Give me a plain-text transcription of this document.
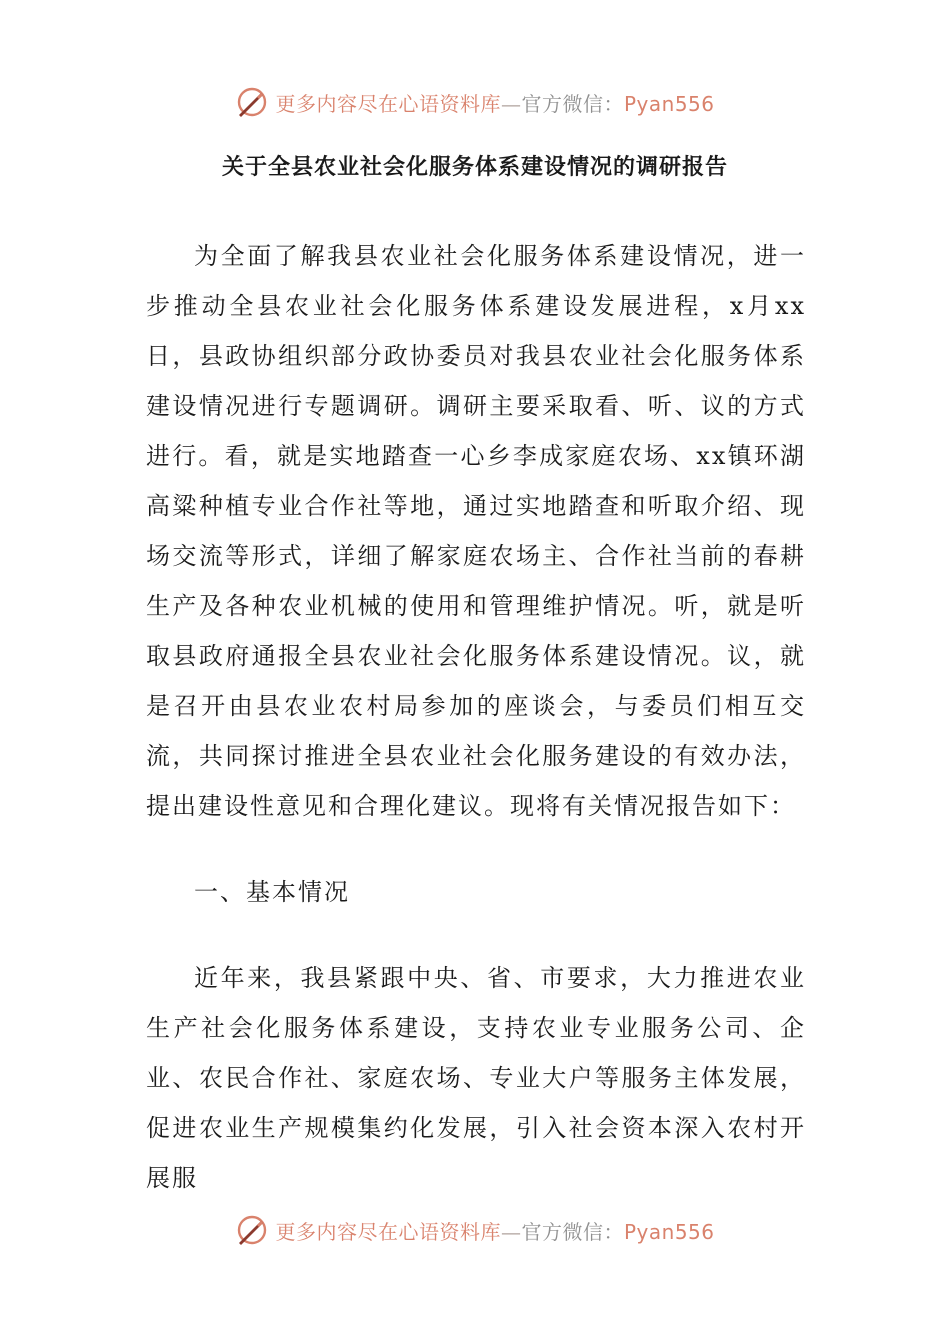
更多内容尽在心语资料库—官方微信：Pyan556
关于全县农业社会化服务体系建设情况的调研报告

为全面了解我县农业社会化服务体系建设情况，进一步推动全县农业社会化服务体系建设发展进程，x月xx日，县政协组织部分政协委员对我县农业社会化服务体系建设情况进行专题调研。调研主要采取看、听、议的方式进行。看，就是实地踏查一心乡李成家庭农场、xx镇环湖高粱种植专业合作社等地，通过实地踏查和听取介绍、现场交流等形式，详细了解家庭农场主、合作社当前的春耕生产及各种农业机械的使用和管理维护情况。听，就是听取县政府通报全县农业社会化服务体系建设情况。议，就是召开由县农业农村局参加的座谈会，与委员们相互交流，共同探讨推进全县农业社会化服务建设的有效办法，提出建设性意见和合理化建议。现将有关情况报告如下：

一、基本情况

近年来，我县紧跟中央、省、市要求，大力推进农业生产社会化服务体系建设，支持农业专业服务公司、企业、农民合作社、家庭农场、专业大户等服务主体发展，促进农业生产规模集约化发展，引入社会资本深入农村开展服

更多内容尽在心语资料库—官方微信：Pyan556
